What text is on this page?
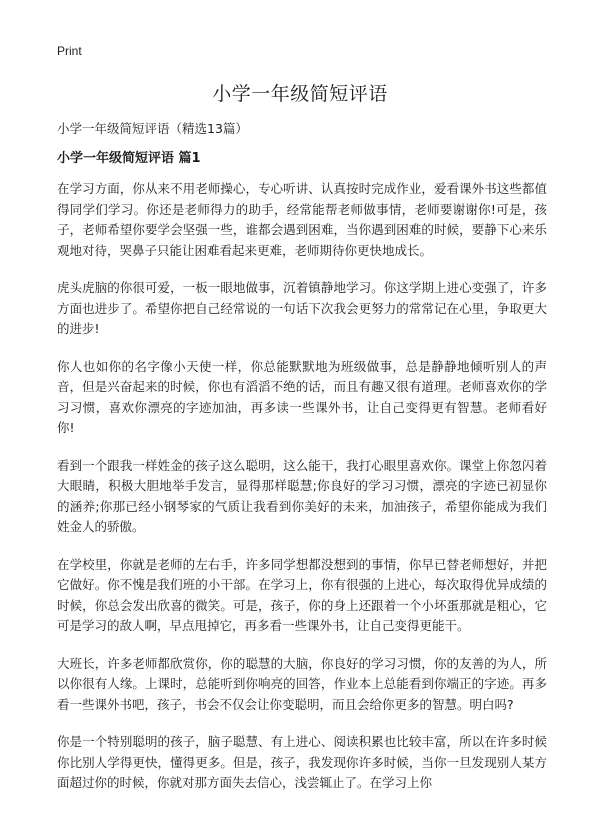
Print
小学一年级简短评语
小学一年级简短评语（精选13篇）
小学一年级简短评语 篇1

在学习方面，你从来不用老师操心，专心听讲、认真按时完成作业，爱看课外书这些都值得同学们学习。你还是老师得力的助手，经常能帮老师做事情，老师要谢谢你!可是，孩子，老师希望你要学会坚强一些，谁都会遇到困难，当你遇到困难的时候，要静下心来乐观地对待，哭鼻子只能让困难看起来更难，老师期待你更快地成长。

虎头虎脑的你很可爱，一板一眼地做事，沉着镇静地学习。你这学期上进心变强了，许多方面也进步了。希望你把自己经常说的一句话下次我会更努力的常常记在心里，争取更大的进步!

你人也如你的名字像小天使一样，你总能默默地为班级做事，总是静静地倾听别人的声音，但是兴奋起来的时候，你也有滔滔不绝的话，而且有趣又很有道理。老师喜欢你的学习习惯，喜欢你漂亮的字迹加油，再多读一些课外书，让自己变得更有智慧。老师看好你!

看到一个跟我一样姓金的孩子这么聪明，这么能干，我打心眼里喜欢你。课堂上你忽闪着大眼睛，积极大胆地举手发言，显得那样聪慧;你良好的学习习惯，漂亮的字迹已初显你的涵养;你那已经小钢琴家的气质让我看到你美好的未来，加油孩子，希望你能成为我们姓金人的骄傲。

在学校里，你就是老师的左右手，许多同学想都没想到的事情，你早已替老师想好，并把它做好。你不愧是我们班的小干部。在学习上，你有很强的上进心，每次取得优异成绩的时候，你总会发出欣喜的微笑。可是，孩子，你的身上还跟着一个小坏蛋那就是粗心，它可是学习的敌人啊，早点甩掉它，再多看一些课外书，让自己变得更能干。

大班长，许多老师都欣赏你，你的聪慧的大脑，你良好的学习习惯，你的友善的为人，所以你很有人缘。上课时，总能听到你响亮的回答，作业本上总能看到你端正的字迹。再多看一些课外书吧，孩子，书会不仅会让你变聪明，而且会给你更多的智慧。明白吗?

你是一个特别聪明的孩子，脑子聪慧、有上进心、阅读积累也比较丰富，所以在许多时候你比别人学得更快，懂得更多。但是，孩子，我发现你许多时候，当你一旦发现别人某方面超过你的时候，你就对那方面失去信心，浅尝辄止了。在学习上你
